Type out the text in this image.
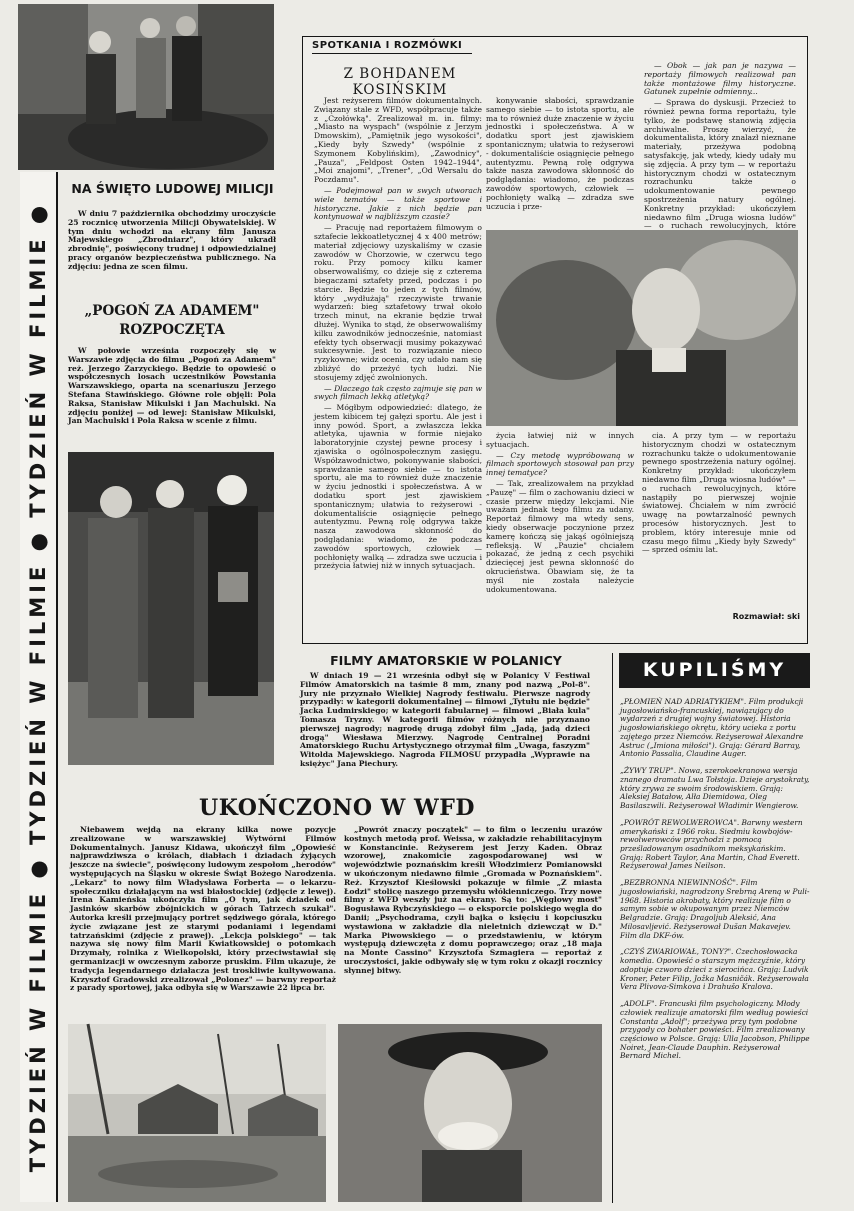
TYDZIEŃ W FILMIE ● TYDZIEŃ W FILMIE ● TYDZIEŃ W FILMIE ●
NA ŚWIĘTO LUDOWEJ MILICJI

W dniu 7 października obchodzimy uroczyście 25 rocznicę utworzenia Milicji Obywatelskiej. W tym dniu wchodzi na ekrany film Janusza Majewskiego „Zbrodniarz", który ukradł zbrodnię", poświęcony trudnej i odpowiedzialnej pracy organów bezpieczeństwa publicznego. Na zdjęciu: jedna ze scen filmu.

„POGOŃ ZA ADAMEM"
ROZPOCZĘTA

W połowie września rozpoczęły się w Warszawie zdjęcia do filmu „Pogoń za Adamem" reż. Jerzego Zarzyckiego. Będzie to opowieść o współczesnych losach uczestników Powstania Warszawskiego, oparta na scenariuszu Jerzego Stefana Stawińskiego. Główne role objęli: Pola Raksa, Stanisław Mikulski i Jan Machulski. Na zdjęciu poniżej — od lewej: Stanisław Mikulski, Jan Machulski i Pola Raksa w scenie z filmu.

SPOTKANIA I ROZMÓWKI
Z BOHDANEM KOSIŃSKIM

Jest reżyserem filmów dokumentalnych. Związany stale z WFD, współpracuje także z „Czołówką". Zrealizował m. in. filmy: „Miasto na wyspach" (wspólnie z Jerzym Dmowskim), „Pamiętnik jego wysokości", „Kiedy były Szwedy" (wspólnie z Szymonem Kobylińskim), „Zawodnicy", „Pauza", „Feldpost Osten 1942–1944", „Moi znajomi", „Trener", „Od Wersalu do Poczdamu".

— Podejmował pan w swych utworach wiele tematów — także sportowe i historyczne. Jakie z nich będzie pan kontynuował w najbliższym czasie?

— Pracuję nad reportażem filmowym o sztafecie lekkoatletycznej 4 x 400 metrów; materiał zdjęciowy uzyskaliśmy w czasie zawodów w Chorzowie, w czerwcu tego roku. Przy pomocy kilku kamer obserwowaliśmy, co dzieje się z czterema biegaczami sztafety przed, podczas i po starcie. Będzie to jeden z tych filmów, który „wydłużają" rzeczywiste trwanie wydarzeń: bieg sztafetowy trwał około trzech minut, na ekranie będzie trwał dłużej. Wynika to stąd, że obserwowaliśmy kilku zawodników jednocześnie, natomiast efekty tych obserwacji musimy pokazywać sukcesywnie. Jest to rozwiązanie nieco ryzykowne; widz ocenia, czy udało nam się zbliżyć do przeżyć tych ludzi. Nie stosujemy zdjęć zwolnionych.

— Dlaczego tak często zajmuje się pan w swych filmach lekką atletyką?

— Mógłbym odpowiedzieć: dlatego, że jestem kibicem tej gałęzi sportu. Ale jest i inny powód. Sport, a zwłaszcza lekka atletyka, ujawnia w formie niejako laboratoryjnie czystej pewne procesy i zjawiska o ogólnospołecznym zasięgu. Współzawodnictwo, pokonywanie słabości, sprawdzanie samego siebie — to istota sportu, ale ma to również duże znaczenie w życiu jednostki i społeczeństwa. A w dodatku sport jest zjawiskiem spontanicznym; ułatwia to reżyserowi - dokumentaliście osiągnięcie pełnego autentyzmu. Pewną rolę odgrywa także nasza zawodowa skłonność do podglądania: wiadomo, że podczas zawodów sportowych, człowiek — pochłonięty walką — zdradza swe uczucia i przeżycia łatwiej niż w innych sytuacjach.

konywanie słabości, sprawdzanie samego siebie — to istota sportu, ale ma to również duże znaczenie w życiu jednostki i społeczeństwa. A w dodatku sport jest zjawiskiem spontanicznym; ułatwia to reżyserowi - dokumentaliście osiągnięcie pełnego autentyzmu. Pewną rolę odgrywa także nasza zawodowa skłonność do podglądania: wiadomo, że podczas zawodów sportowych, człowiek — pochłonięty walką — zdradza swe uczucia i prze-

— Obok — jak pan je nazywa — reportaży filmowych realizował pan także montażowe filmy historyczne. Gatunek zupełnie odmienny...

— Sprawa do dyskusji. Przecież to również pewna forma reportażu, tyle tylko, że podstawę stanowią zdjęcia archiwalne. Proszę wierzyć, że dokumentalista, który znalazł nieznane materiały, przeżywa podobną satysfakcję, jak wtedy, kiedy udały mu się zdjęcia. A przy tym — w reportażu historycznym chodzi w ostatecznym rozrachunku także o udokumentowanie pewnego spostrzeżenia natury ogólnej. Konkretny przykład: ukończyłem niedawno film „Druga wiosna ludów" — o ruchach rewolucyjnych, które

życia łatwiej niż w innych sytuacjach.

— Czy metodę wypróbowaną w filmach sportowych stosował pan przy innej tematyce?

— Tak, zrealizowałem na przykład „Pauzę" — film o zachowaniu dzieci w czasie przerw między lekcjami. Nie uważam jednak tego filmu za udany. Reportaż filmowy ma wtedy sens, kiedy obserwacje poczynione przez kamerę kończą się jakąś ogólniejszą refleksją. W „Pauzie" chciałem pokazać, że jedną z cech psychiki dziecięcej jest pewna skłonność do okrucieństwa. Obawiam się, że ta myśl nie została należycie udokumentowana.

cia. A przy tym — w reportażu historycznym chodzi w ostatecznym rozrachunku także o udokumentowanie pewnego spostrzeżenia natury ogólnej. Konkretny przykład: ukończyłem niedawno film „Druga wiosna ludów" — o ruchach rewolucyjnych, które nastąpiły po pierwszej wojnie światowej. Chciałem w nim zwrócić uwagę na powtarzalność pewnych procesów historycznych. Jest to problem, który interesuje mnie od czasu mego filmu „Kiedy były Szwedy" — sprzed ośmiu lat.

Rozmawiał: ski
FILMY AMATORSKIE W POLANICY

W dniach 19 — 21 września odbył się w Polanicy V Festiwal Filmów Amatorskich na taśmie 8 mm, znany pod nazwą „Pol-8". Jury nie przyznało Wielkiej Nagrody festiwalu. Pierwsze nagrody przypadły: w kategorii dokumentalnej — filmowi „Tytułu nie będzie" Jacka Ludmirskiego; w kategorii fabularnej — filmowi „Biała kula" Tomasza Tryzny. W kategorii filmów różnych nie przyznano pierwszej nagrody; nagrodę drugą zdobył film „Jadą, jadą dzieci drogą" Wiesława Mierzwy. Nagrodę Centralnej Poradni Amatorskiego Ruchu Artystycznego otrzymał film „Uwaga, faszyzm" Witolda Majewskiego. Nagroda FILMOSU przypadła „Wyprawie na księżyc" Jana Piechury.

KUPILIŚMY
„PŁOMIEŃ NAD ADRIATYKIEM". Film produkcji jugosłowiańsko-francuskiej, nawiązujący do wydarzeń z drugiej wojny światowej. Historia jugosłowiańskiego okrętu, który ucieka z portu zajętego przez Niemców. Reżyserował Alexandre Astruc („Imiona miłości"). Grają: Gérard Barray, Antonio Passalia, Claudine Auger.
„ŻYWY TRUP". Nowa, szerokoekranowa wersja znanego dramatu Lwa Tołstoja. Dzieje arystokraty, który zrywa ze swoim środowiskiem. Grają: Aleksiej Batałow, Alła Diemidowa, Oleg Basilaszwili. Reżyserował Władimir Wengierow.
„POWRÓT REWOLWEROWCA". Barwny western amerykański z 1966 roku. Siedmiu kowbojów-rewolwerowców przychodzi z pomocą prześladowanym osadnikom meksykańskim. Grają: Robert Taylor, Ana Martin, Chad Everett. Reżyserował James Neilson.
„BEZBRONNA NIEWINNOŚĆ". Film jugosłowiański, nagrodzony Srebrną Areną w Puli-1968. Historia akrobaty, który realizuje film o samym sobie w okupowanym przez Niemców Belgradzie. Grają: Dragoljub Aleksić, Ana Milosavljević. Reżyserował Dušan Makavejev. Film dla DKF-ów.
„CZYŚ ZWARIOWAŁ, TONY?". Czechosłowacka komedia. Opowieść o starszym mężczyźnie, który adoptuje czworo dzieci z sierocińca. Grają: Ludvik Kroner, Peter Filip, Jožka Masničák. Reżyserowała Vera Plivova-Simkova i Drahušo Kralova.
„ADOLF". Francuski film psychologiczny. Młody człowiek realizuje amatorski film według powieści Constanta „Adolf"; przeżywa przy tym podobne przygody co bohater powieści. Film zrealizowany częściowo w Polsce. Grają: Ulla Jacobson, Philippe Noiret, Jean-Claude Dauphin. Reżyserował Bernard Michel.
UKOŃCZONO W WFD

Niebawem wejdą na ekrany kilka nowe pozycje zrealizowane w warszawskiej Wytwórni Filmów Dokumentalnych. Janusz Kidawa, ukończył film „Opowieść najprawdziwsza o królach, diabłach i dziadach żyjących jeszcze na świecie", poświęcony ludowym zespołom „herodów" występujących na Śląsku w okresie Świąt Bożego Narodzenia. „Lekarz" to nowy film Władysława Forberta — o lekarzu-społeczniku działającym na wsi białostockiej (zdjęcie z lewej). Irena Kamieńska ukończyła film „O tym, jak dziadek od Jasinków skarbów zbójnickich w górach Tatrzech szukał". Autorka kreśli przejmujący portret sędziwego górala, którego życie związane jest ze starymi podaniami i legendami tatrzańskimi (zdjęcie z prawej). „Lekcja polskiego" — tak nazywa się nowy film Marii Kwiatkowskiej o potomkach Drzymały, rolnika z Wielkopolski, który przeciwstawiał się germanizacji w owczesnym zaborze pruskim. Film ukazuje, że tradycja legendarnego działacza jest troskliwie kultywowana. Krzysztof Gradowski zrealizował „Polonez" — barwny reportaż z parady sportowej, jaka odbyła się w Warszawie 22 lipca br.

„Powrót znaczy początek" — to film o leczeniu urazów kostnych metodą prof. Weissa, w zakładzie rehabilitacyjnym w Konstancinie. Reżyserem jest Jerzy Kaden. Obraz wzorowej, znakomicie zagospodarowanej wsi w województwie poznańskim kreśli Włodzimierz Pomianowski w ukończonym niedawno filmie „Gromada w Poznańskiem". Reż. Krzysztof Kieślowski pokazuje w filmie „Z miasta Łodzi" stolicę naszego przemysłu włókienniczego. Trzy nowe filmy z WFD weszły już na ekrany. Są to: „Węglowy most" Bogusława Rybczyńskiego — o eksporcie polskiego węgla do Danii; „Psychodrama, czyli bajka o księciu i kopciuszku wystawiona w zakładzie dla nieletnich dziewcząt w D." Marka Piwowskiego — o przedstawieniu, w którym występują dziewczęta z domu poprawczego; oraz „18 maja na Monte Cassino" Krzysztofa Szmagiera — reportaż z uroczystości, jakie odbywały się w tym roku z okazji rocznicy słynnej bitwy.
